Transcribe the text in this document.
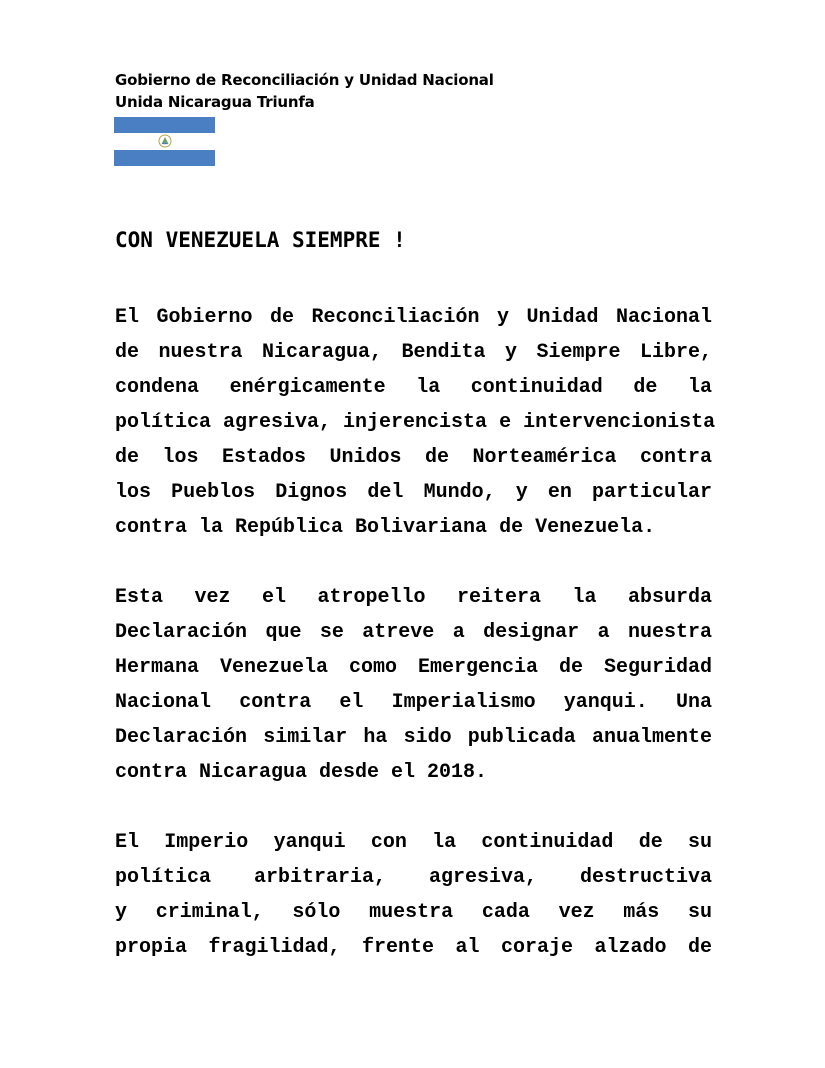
Gobierno de Reconciliación y Unidad Nacional
Unida Nicaragua Triunfa
CON VENEZUELA SIEMPRE !
El Gobierno de Reconciliación y Unidad Nacional
de nuestra Nicaragua, Bendita y Siempre Libre,
condena enérgicamente la continuidad de la
política agresiva, injerencista e intervencionista
de los Estados Unidos de Norteamérica contra
los Pueblos Dignos del Mundo, y en particular
contra la República Bolivariana de Venezuela.
Esta vez el atropello reitera la absurda
Declaración que se atreve a designar a nuestra
Hermana Venezuela como Emergencia de Seguridad
Nacional contra el Imperialismo yanqui. Una
Declaración similar ha sido publicada anualmente
contra Nicaragua desde el 2018.
El Imperio yanqui con la continuidad de su
política arbitraria, agresiva, destructiva
y criminal, sólo muestra cada vez más su
propia fragilidad, frente al coraje alzado de
